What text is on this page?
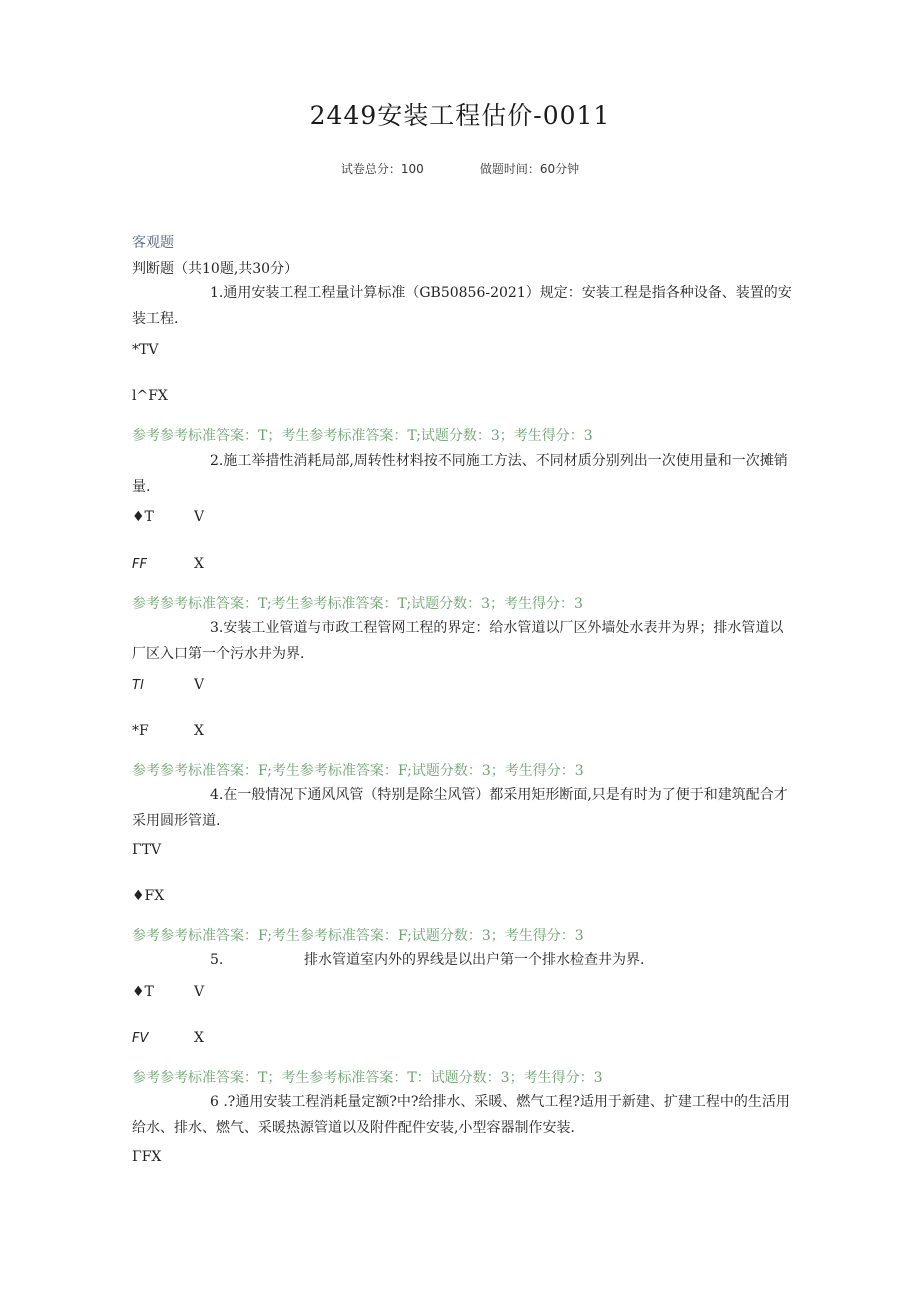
2449安装工程估价-0011
试卷总分：100	做题时间：60分钟
客观题
判断题（共10题,共30分）
1.通用安装工程工程量计算标准（GB50856-2021）规定：安装工程是指各种设备、装置的安装工程.
*TV
l^FX
参考参考标准答案：T；考生参考标准答案：T;试题分数：3；考生得分：3
2.施工举措性消耗局部,周转性材料按不同施工方法、不同材质分别列出一次使用量和一次摊销量.
♦T	V
FF	X
参考参考标准答案：T;考生参考标准答案：T;试题分数：3；考生得分：3
3.安装工业管道与市政工程管网工程的界定：给水管道以厂区外墙处水表井为界；排水管道以厂区入口第一个污水井为界.
Tl	V
*F	X
参考参考标准答案：F;考生参考标准答案：F;试题分数：3；考生得分：3
4.在一般情况下通风风管（特别是除尘风管）都采用矩形断面,只是有时为了便于和建筑配合才采用圆形管道.
ΓTV
♦FX
参考参考标准答案：F;考生参考标准答案：F;试题分数：3；考生得分：3
5.	排水管道室内外的界线是以出户第一个排水检查井为界.
♦T	V
FV	X
参考参考标准答案：T；考生参考标准答案：T：试题分数：3；考生得分：3
6 .?通用安装工程消耗量定额?中?给排水、采暖、燃气工程?适用于新建、扩建工程中的生活用给水、排水、燃气、采暖热源管道以及附件配件安装,小型容器制作安装.
ΓFX
